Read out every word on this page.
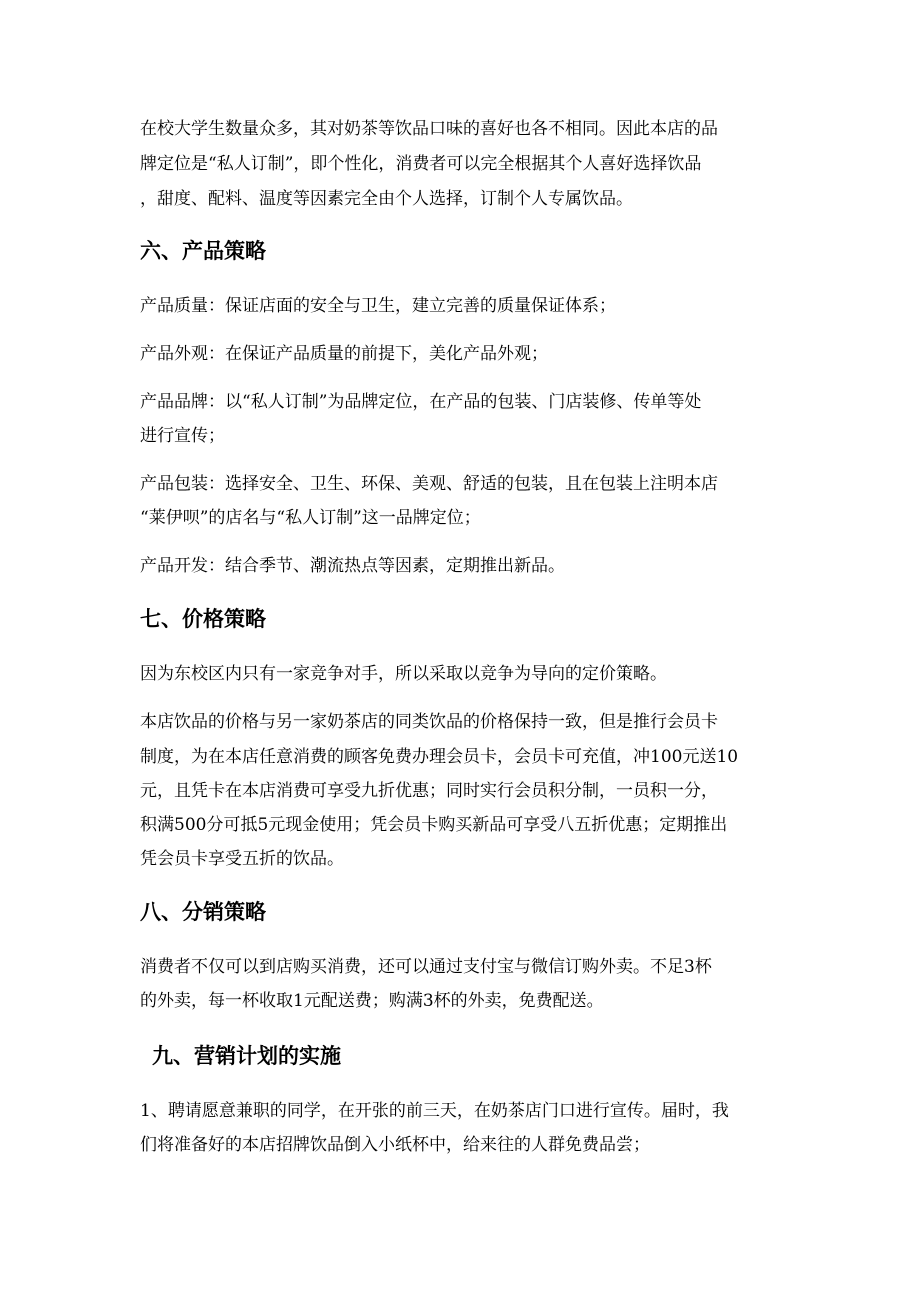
在校大学生数量众多，其对奶茶等饮品口味的喜好也各不相同。因此本店的品
牌定位是“私人订制”，即个性化，消费者可以完全根据其个人喜好选择饮品
，甜度、配料、温度等因素完全由个人选择，订制个人专属饮品。
六、产品策略
产品质量：保证店面的安全与卫生，建立完善的质量保证体系；
产品外观：在保证产品质量的前提下，美化产品外观；
产品品牌：以“私人订制”为品牌定位，在产品的包装、门店装修、传单等处
进行宣传；
产品包装：选择安全、卫生、环保、美观、舒适的包装，且在包装上注明本店
“莱伊呗”的店名与“私人订制”这一品牌定位；
产品开发：结合季节、潮流热点等因素，定期推出新品。
七、价格策略
因为东校区内只有一家竞争对手，所以采取以竞争为导向的定价策略。
本店饮品的价格与另一家奶茶店的同类饮品的价格保持一致，但是推行会员卡
制度，为在本店任意消费的顾客免费办理会员卡，会员卡可充值，冲100元送10
元，且凭卡在本店消费可享受九折优惠；同时实行会员积分制，一员积一分，
积满500分可抵5元现金使用；凭会员卡购买新品可享受八五折优惠；定期推出
凭会员卡享受五折的饮品。
八、分销策略
消费者不仅可以到店购买消费，还可以通过支付宝与微信订购外卖。不足3杯
的外卖，每一杯收取1元配送费；购满3杯的外卖，免费配送。
九、营销计划的实施
1、聘请愿意兼职的同学，在开张的前三天，在奶茶店门口进行宣传。届时，我
们将准备好的本店招牌饮品倒入小纸杯中，给来往的人群免费品尝；
